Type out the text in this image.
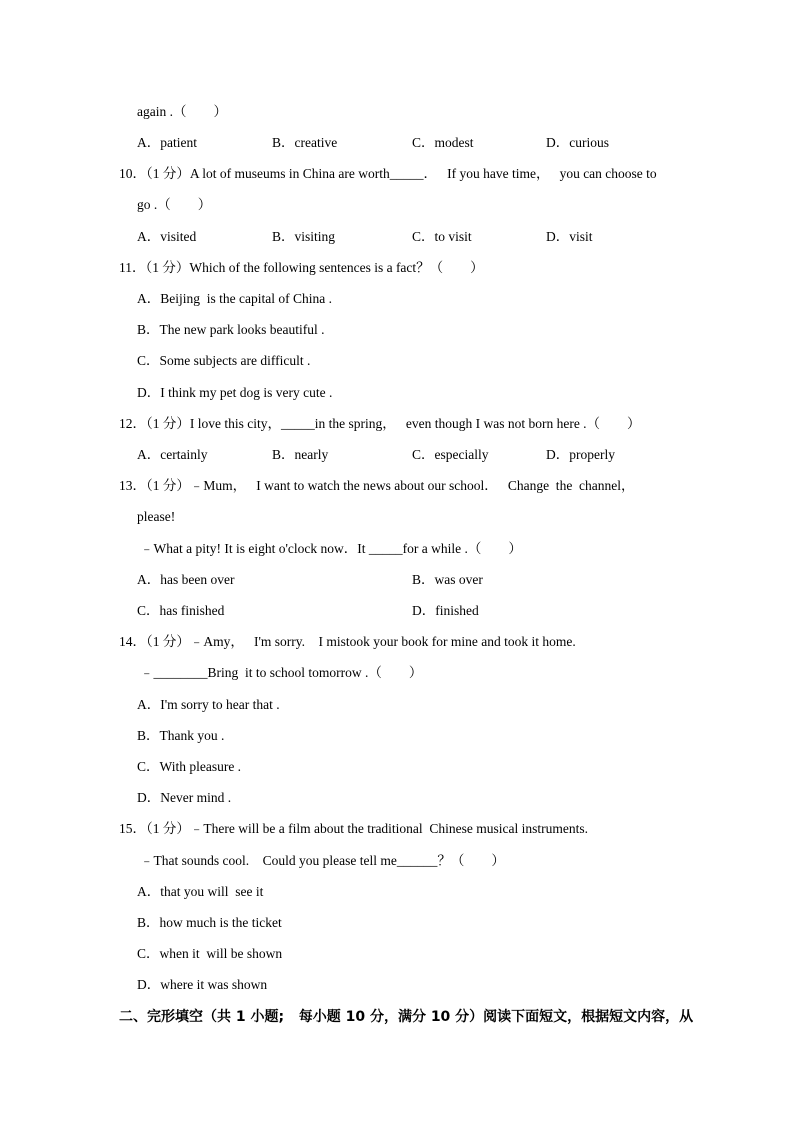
again .（　　）
A．patient	B．creative	C．modest	D．curious
10．（1 分）A lot of museums in China are worth_____．   If you have time，   you can choose to
go .（　　）
A．visited	B．visiting	C．to visit	D．visit
11．（1 分）Which of the following sentences is a fact？（　　）
A．Beijing  is the capital of China .
B．The new park looks beautiful .
C．Some subjects are difficult .
D．I think my pet dog is very cute .
12．（1 分）I love this city，_____in the spring，   even though I was not born here .（　　）
A．certainly	B．nearly	C．especially	D．properly
13．（1 分）﹣Mum，   I want to watch the news about our school．   Change  the  channel，
please!
﹣What a pity! It is eight o'clock now．It _____for a while .（　　）
A．has been over	B．was over
C．has finished	D．finished
14．（1 分）﹣Amy，   I'm sorry.    I mistook your book for mine and took it home.
﹣________Bring  it to school tomorrow .（　　）
A．I'm sorry to hear that .
B．Thank you .
C．With pleasure .
D．Never mind .
15．（1 分）﹣There will be a film about the traditional  Chinese musical instruments.
﹣That sounds cool.    Could you please tell me______？（　　）
A．that you will  see it
B．how much is the ticket
C．when it  will be shown
D．where it was shown
二、完形填空（共 1 小题;   每小题 10 分，满分 10 分）阅读下面短文，根据短文内容，从
